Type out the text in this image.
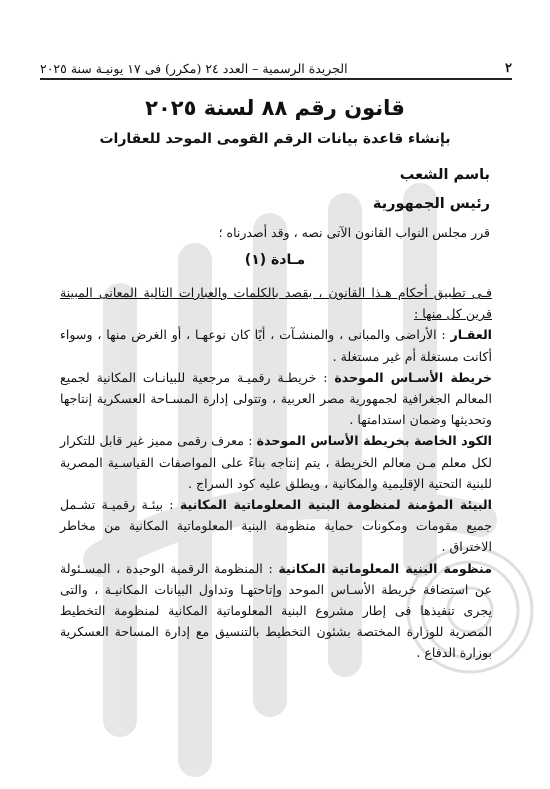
٢
الجريدة الرسمية – العدد ٢٤ (مكرر) فى ١٧ يونيـة سنة ٢٠٢٥
قانون رقم ٨٨ لسنة ٢٠٢٥
بإنشاء قاعدة بيانات الرقم القومى الموحد للعقارات
باسم الشعب
رئيس الجمهورية
قرر مجلس النواب القانون الآتى نصه ، وقد أصدرناه ؛
مـادة (١)

فـى تطبيق أحكام هـذا القانون ، يقصد بالكلمات والعبارات التالية المعانى المبينة قرين كل منها :

العقـار : الأراضى والمبانى ، والمنشـآت ، أيًا كان نوعهـا ، أو الغرض منها ، وسواء أكانت مستغلة أم غير مستغلة .

خريطة الأسـاس الموحدة : خريطـة رقميـة مرجعية للبيانـات المكانية لجميع المعالم الجغرافية لجمهورية مصر العربية ، وتتولى إدارة المسـاحة العسكرية إنتاجها وتحديثها وضمان استدامتها .

الكود الخاصة بخريطة الأساس الموحدة : معرف رقمى مميز غير قابل للتكرار لكل معلم مـن معالم الخريطة ، يتم إنتاجه بناءً على المواصفات القياسـية المصرية للبنية التحتية الإقليمية والمكانية ، ويطلق عليه كود السراج .

البيئة المؤمنة لمنظومة البنية المعلوماتية المكانية : بيئـة رقميـة تشـمل جميع مقومات ومكونات حماية منظومة البنية المعلوماتية المكانية من مخاطر الاختراق .

منظومة البنية المعلوماتية المكانية : المنظومة الرقمية الوحيدة ، المسـئولة عن استضافة خريطة الأسـاس الموحد وإتاحتهـا وتداول البيانات المكانيـة ، والتى يجرى تنفيذها فى إطار مشروع البنية المعلوماتية المكانية لمنظومة التخطيط المصرية للوزارة المختصة بشئون التخطيط بالتنسيق مع إدارة المساحة العسكرية بوزارة الدفاع .
